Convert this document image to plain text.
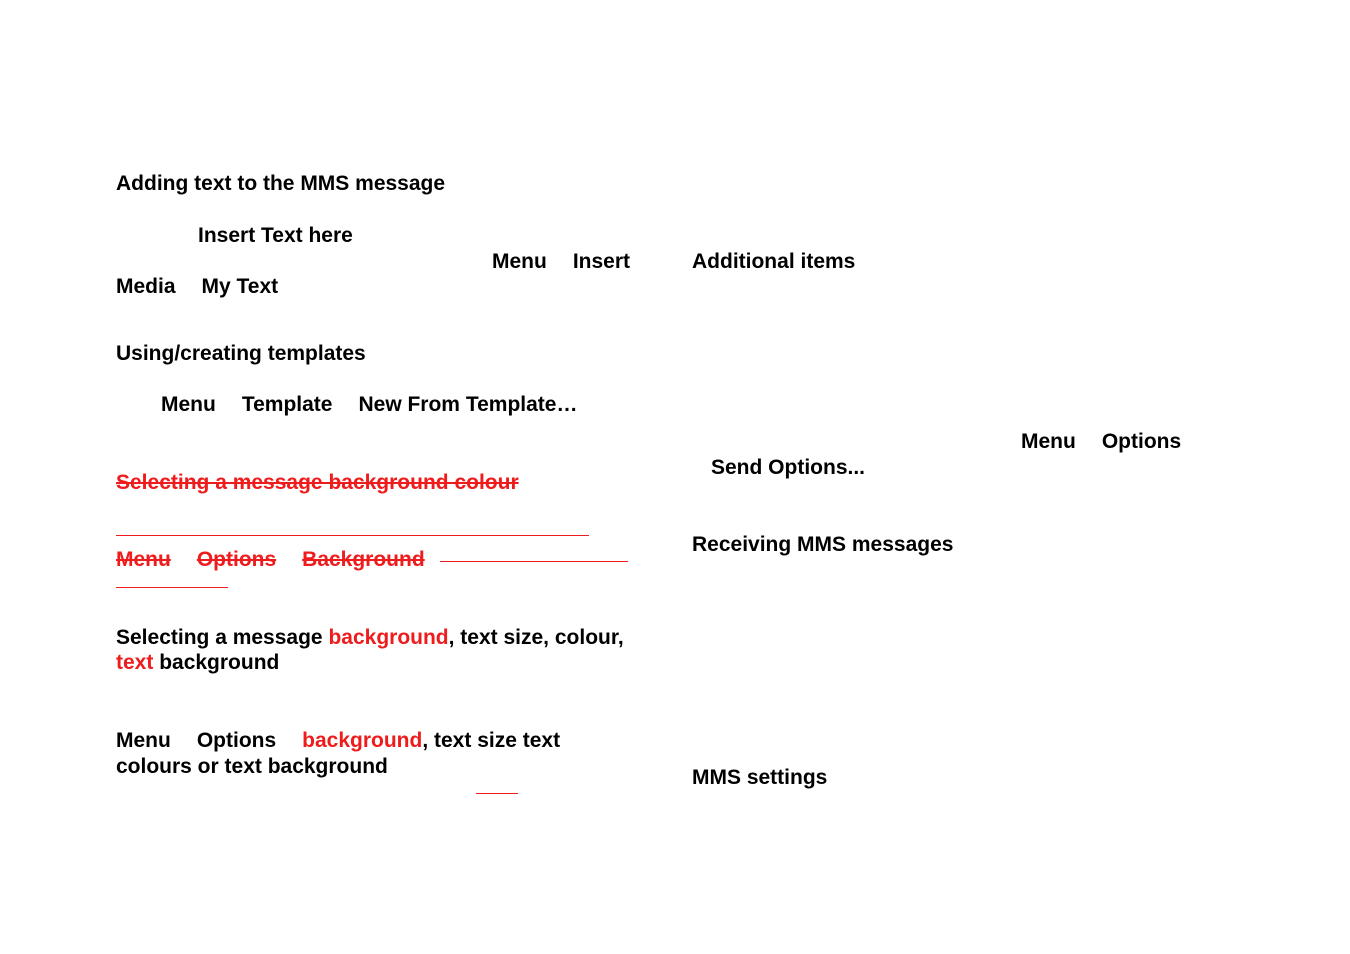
Adding text to the MMS message
Insert Text here
Menu Insert
Media My Text
Using/creating templates
Menu Template New From Template…
Selecting a message background colour
Menu Options Background
Selecting a message background, text size, colour,
text background
Menu Options background, text size text
colours or text background
Additional items
Menu Options
Send Options...
Receiving MMS messages
MMS settings
